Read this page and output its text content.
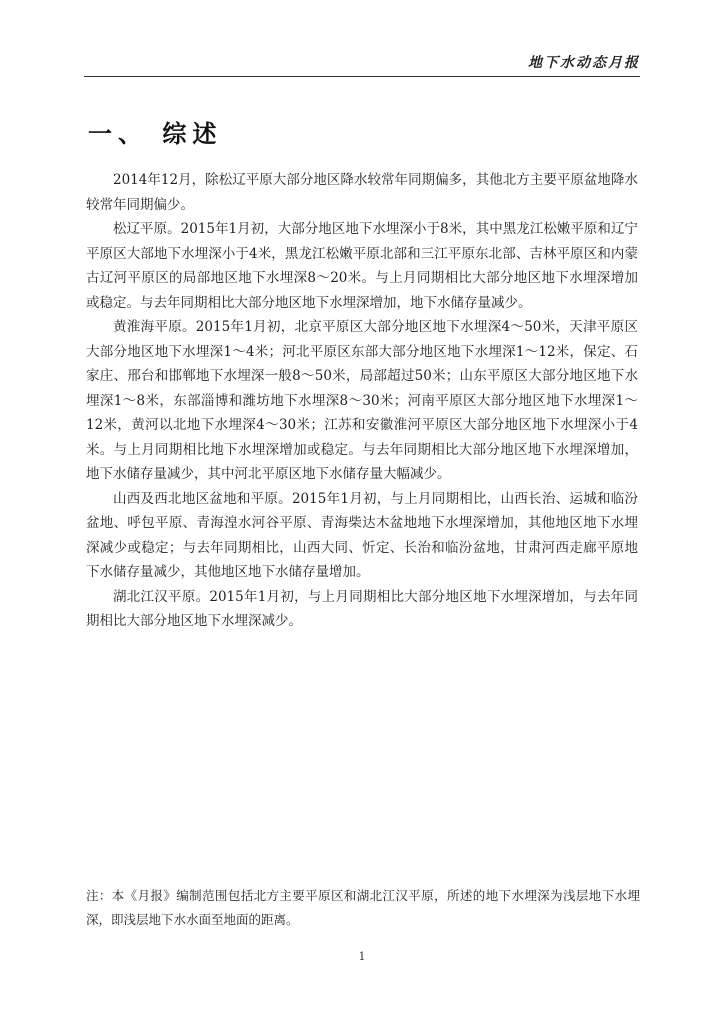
地下水动态月报
一、 综述

2014年12月，除松辽平原大部分地区降水较常年同期偏多，其他北方主要平原盆地降水较常年同期偏少。

松辽平原。2015年1月初，大部分地区地下水埋深小于8米，其中黑龙江松嫩平原和辽宁平原区大部地下水埋深小于4米，黑龙江松嫩平原北部和三江平原东北部、吉林平原区和内蒙古辽河平原区的局部地区地下水埋深8～20米。与上月同期相比大部分地区地下水埋深增加或稳定。与去年同期相比大部分地区地下水埋深增加，地下水储存量减少。

黄淮海平原。2015年1月初，北京平原区大部分地区地下水埋深4～50米，天津平原区大部分地区地下水埋深1～4米；河北平原区东部大部分地区地下水埋深1～12米，保定、石家庄、邢台和邯郸地下水埋深一般8～50米，局部超过50米；山东平原区大部分地区地下水埋深1～8米，东部淄博和潍坊地下水埋深8～30米；河南平原区大部分地区地下水埋深1～12米，黄河以北地下水埋深4～30米；江苏和安徽淮河平原区大部分地区地下水埋深小于4米。与上月同期相比地下水埋深增加或稳定。与去年同期相比大部分地区地下水埋深增加，地下水储存量减少，其中河北平原区地下水储存量大幅减少。

山西及西北地区盆地和平原。2015年1月初，与上月同期相比，山西长治、运城和临汾盆地、呼包平原、青海湟水河谷平原、青海柴达木盆地地下水埋深增加，其他地区地下水埋深减少或稳定；与去年同期相比，山西大同、忻定、长治和临汾盆地，甘肃河西走廊平原地下水储存量减少，其他地区地下水储存量增加。

湖北江汉平原。2015年1月初，与上月同期相比大部分地区地下水埋深增加，与去年同期相比大部分地区地下水埋深减少。

注：本《月报》编制范围包括北方主要平原区和湖北江汉平原，所述的地下水埋深为浅层地下水埋深，即浅层地下水水面至地面的距离。
1
